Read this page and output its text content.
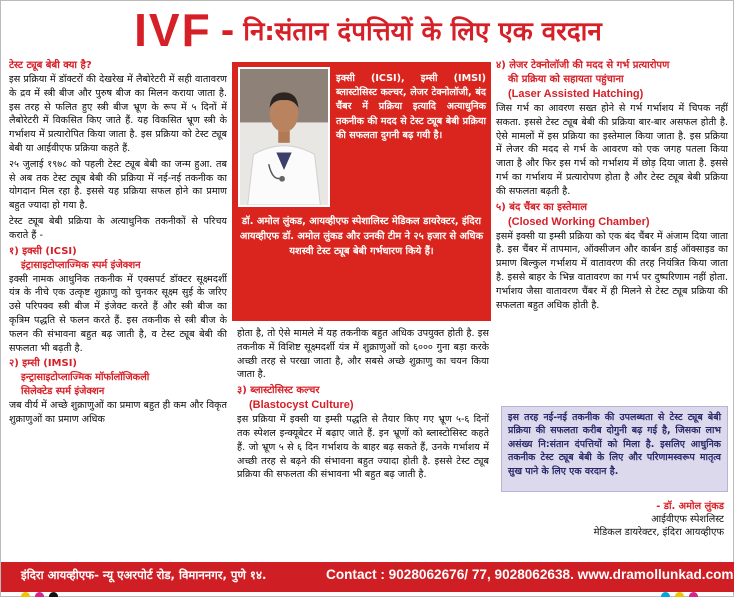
IVF - नि:संतान दंपत्तियों के लिए एक वरदान
टेस्ट ट्यूब बेबी क्या है?

इस प्रक्रिया में डॉक्टरों की देखरेख में लैबोरेटरी में सही वातावरण के द्रव में स्त्री बीज और पुरुष बीज का मिलन कराया जाता है. इस तरह से फलित हुए स्त्री बीज भ्रूण के रूप में ५ दिनों में लैबोरेटरी में विकसित किए जाते हैं. यह विकसित भ्रूण स्त्री के गर्भाशय में प्रत्यारोपित किया जाता है. इस प्रक्रिया को टेस्ट ट्यूब बेबी या आईवीएफ प्रक्रिया कहते हैं.

२५ जुलाई १९७८ को पहली टेस्ट ट्यूब बेबी का जन्म हुआ. तब से अब तक टेस्ट ट्यूब बेबी की प्रक्रिया में नई-नई तकनीक का योगदान मिल रहा है. इससे यह प्रक्रिया सफल होने का प्रमाण बहुत ज्यादा हो गया है.

टेस्ट ट्यूब बेबी प्रक्रिया के अत्याधुनिक तकनीकों से परिचय कराते हैं -

१) इक्सी (ICSI)
इंट्रासाइटोप्लाज्मिक स्पर्म इंजेक्शन

इक्सी नामक आधुनिक तकनीक में एक्सपर्ट डॉक्टर सूक्ष्मदर्शी यंत्र के नीचे एक उत्कृष्ट शुक्राणु को चुनकर सूक्ष्म सुई के जरिए उसे परिपक्व स्त्री बीज में इंजेक्ट करते हैं और स्त्री बीज का कृत्रिम पद्धति से फलन करते हैं. इस तकनीक से स्त्री बीज के फलन की संभावना बहुत बढ़ जाती है, व टेस्ट ट्यूब बेबी की सफलता भी बढ़ती है.

२) इम्सी (IMSI)
इन्ट्रासाइटोप्लाज्मिक मॉर्फालॉजिकली
सिलेक्टेड स्पर्म इंजेक्शन

जब वीर्य में अच्छे शुक्राणुओं का प्रमाण बहुत ही कम और विकृत शुक्राणुओं का प्रमाण अधिक

इक्सी (ICSI), इम्सी (IMSI) ब्लास्टोसिस्ट कल्चर, लेजर टेक्नोलॉजी, बंद चैंबर में प्रक्रिया इत्यादि अत्याधुनिक तकनीक की मदद से टेस्ट ट्यूब बेबी प्रक्रिया की सफलता दुगनी बढ़ गयी है।
डॉ. अमोल लुंकड, आयव्हीएफ स्पेशालिस्ट मेडिकल डायरेक्टर, इंदिरा आयव्हीएफ डॉ. अमोल लुंकड और उनकी टीम ने २५ हजार से अधिक यशस्वी टेस्ट ट्यूब बेबी गर्भधारण किये हैं।

होता है, तो ऐसे मामले में यह तकनीक बहुत अधिक उपयुक्त होती है. इस तकनीक में विशिष्ट सूक्ष्मदर्शी यंत्र में शुक्राणुओं को ६००० गुना बड़ा करके अच्छी तरह से परखा जाता है, और सबसे अच्छे शुक्राणु का चयन किया जाता है.

३) ब्लास्टोसिस्ट कल्चर
(Blastocyst Culture)

इस प्रक्रिया में इक्सी या इम्सी पद्धति से तैयार किए गए भ्रूण ५-६ दिनों तक स्पेशल इन्क्यूबेटर में बढ़ाए जाते हैं. इन भ्रूणों को ब्लास्टोसिस्ट कहते हैं. जो भ्रूण ५ से ६ दिन गर्भाशय के बाहर बढ़ सकते हैं, उनके गर्भाशय में अच्छी तरह से बढ़ने की संभावना बहुत ज्यादा होती है. इससे टेस्ट ट्यूब प्रक्रिया की सफलता की संभावना भी बहुत बढ़ जाती है.

४) लेजर टेक्नोलॉजी की मदद से गर्भ प्रत्यारोपण
की प्रक्रिया को सहायता पहुंचाना
(Laser Assisted Hatching)

जिस गर्भ का आवरण सख्त होने से गर्भ गर्भाशय में चिपक नहीं सकता. इससे टेस्ट ट्यूब बेबी की प्रक्रिया बार-बार असफल होती है. ऐसे मामलों में इस प्रक्रिया का इस्तेमाल किया जाता है. इस प्रक्रिया में लेजर की मदद से गर्भ के आवरण को एक जगह पतला किया जाता है और फिर इस गर्भ को गर्भाशय में छोड़ दिया जाता है. इससे गर्भ का गर्भाशय में प्रत्यारोपण होता है और टेस्ट ट्यूब बेबी प्रक्रिया की सफलता बढ़ती है.

५) बंद चैंबर का इस्तेमाल
(Closed Working Chamber)

इसमें इक्सी या इम्सी प्रक्रिया को एक बंद चैंबर में अंजाम दिया जाता है. इस चैंबर में तापमान, ऑक्सीजन और कार्बन डाई ऑक्साइड का प्रमाण बिल्कुल गर्भाशय में वातावरण की तरह नियंत्रित किया जाता है. इससे बाहर के भिन्न वातावरण का गर्भ पर दुष्परिणाम नहीं होता. गर्भाशय जैसा वातावरण चैंबर में ही मिलने से टेस्ट ट्यूब प्रक्रिया की सफलता बहुत अधिक होती है.

इस तरह नई-नई तकनीक की उपलब्धता से टेस्ट ट्यूब बेबी प्रक्रिया की सफलता करीब दोगुनी बढ़ गई है, जिसका लाभ असंख्य नि:संतान दंपत्तियों को मिला है. इसलिए आधुनिक तकनीक टेस्ट ट्यूब बेबी के लिए और परिणामस्वरूप मातृत्व सुख पाने के लिए एक वरदान है.
- डॉ. अमोल लुंकड
आईवीएफ स्पेशलिस्ट
मेडिकल डायरेक्टर, इंदिरा आयव्हीएफ
इंदिरा आयव्हीएफ- न्यू एअरपोर्ट रोड, विमाननगर, पुणे १४.	Contact : 9028062676/ 77, 9028062638. www.dramollunkad.com
